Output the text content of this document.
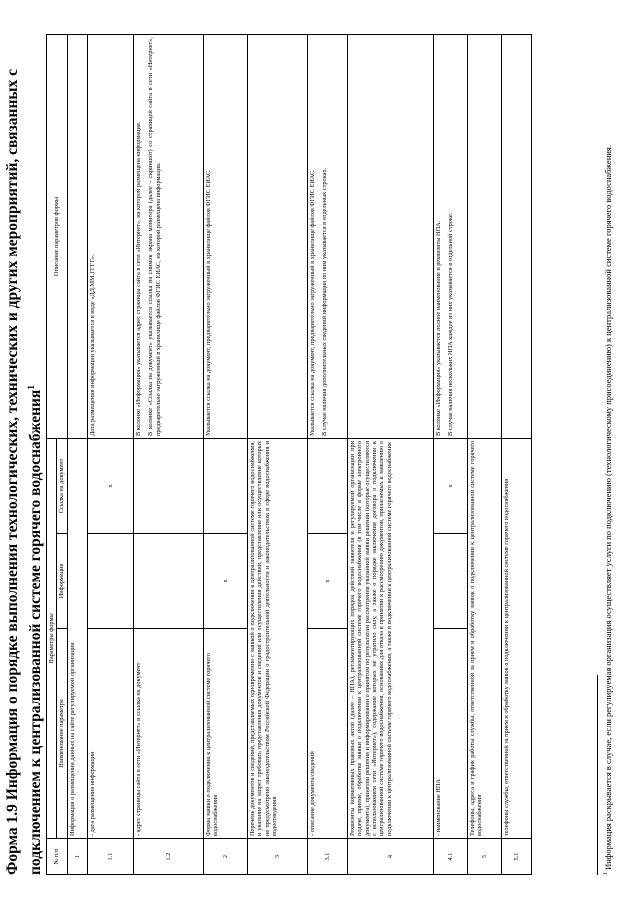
Форма 1.9 Информация о порядке выполнения технологических, технических и других мероприятий, связанных с подключением к централизованной системе горячего водоснабжения$^1$
№ п/п	Параметры формы			Описание параметров формы
	Наименование параметра	Информация	Ссылка на документ	
1	Информация о размещении данных на сайте регулируемой организации			
1.1	- дата размещения информации		x	Дата размещения информации указывается в виде «ДД.ММ.ГГГГ».

1.2	- адрес страницы сайта в сети «Интернет» и ссылка на документ			В колонке «Информация» указывается адрес страницы сайта в сети «Интернет», на которой размещена информация. В колонке «Ссылка на документ» указывается ссылка на снимок экрана монитора (далее – скриншот) со страницей сайта в сети «Интернет», предварительно загруженный в хранилище файлов ФГИС ЕИАС, на которой размещена информация.

2	Форма заявки о подключении к централизованной системе горячего водоснабжения	x		Указывается ссылка на документ, предварительно загруженный в хранилище файлов ФГИС ЕИАС.

3	Перечень документов и сведений, представляемых одновременно с заявкой о подключении к централизованной системе горячего водоснабжения, и указание на запрет требовать представления документов и сведений или осуществления действий, представление или осуществление которых не предусмотрено законодательством Российской Федерации о градостроительной деятельности и законодательством в сфере водоснабжения и водоотведения			
3.1	- описание документа/сведений	x		Указывается ссылка на документ, предварительно загруженный в хранилище файлов ФГИС ЕИАС. В случае наличия дополнительных сведений информация по ним указывается в отдельных строках.

4	Реквизиты нормативных правовых актов (далее – НПА), регламентирующих порядок действий заявителя и регулируемой организации при подаче, приеме, обработке заявки о подключении к централизованной системе горячего водоснабжения (в том числе в форме электронного документа), принятии решения и информировании о принятом по результатам рассмотрения указанной заявки решении (которые осуществляются с использованием сети «Интернет»), содержание которых не утратило силу, а также о порядке заключения договора о подключении к централизованной системе горячего водоснабжения, основаниях для отказа в принятии к рассмотрению документов, прилагаемых к заявлению о подключении к централизованной системе горячего водоснабжения, а также в подключении к централизованной системе горячего водоснабжения			
4.1	- наименование НПА		x	В колонке «Информация» указывается полное наименование и реквизиты НПА. В случае наличия нескольких НПА каждое из них указывается в отдельной строке.

5	Телефоны, адреса и график работы службы, ответственной за прием и обработку заявок о подключении к централизованной системе горячего водоснабжения			
5.1	телефоны службы, ответственной за прием и обработку заявок о подключении к централизованной системе горячего водоснабжения			
$^1$ Информация раскрывается в случае, если регулируемая организация осуществляет услуги по подключению (технологическому присоединению) к централизованной системе горячего водоснабжения.
